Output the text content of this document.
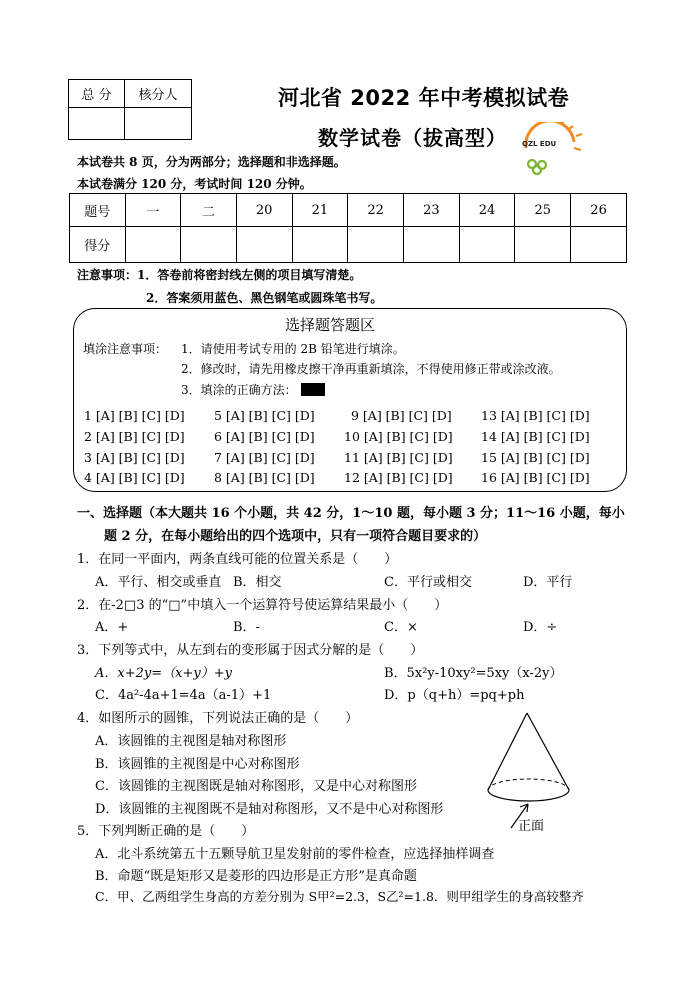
总 分	核分人
		河北省 2022 年中考模拟试卷
数学试卷（拔高型） QZL EDU
本试卷共 8 页，分为两部分；选择题和非选择题。
本试卷满分 120 分，考试时间 120 分钟。
题号	一	二	20	21	22	23	24	25	26
得分									
注意事项：1．答卷前将密封线左侧的项目填写清楚。
2．答案须用蓝色、黑色钢笔或圆珠笔书写。
选择题答题区
填涂注意事项： 1．请使用考试专用的 2B 铅笔进行填涂。
2．修改时，请先用橡皮擦干净再重新填涂，不得使用修正带或涂改液。
3．填涂的正确方法：
1 [A] [B] [C] [D] 5 [A] [B] [C] [D]	9 [A] [B] [C] [D] 13 [A] [B] [C] [D]
2 [A] [B] [C] [D] 6 [A] [B] [C] [D] 10 [A] [B] [C] [D] 14 [A] [B] [C] [D]
3 [A] [B] [C] [D] 7 [A] [B] [C] [D] 11 [A] [B] [C] [D] 15 [A] [B] [C] [D]
4 [A] [B] [C] [D] 8 [A] [B] [C] [D] 12 [A] [B] [C] [D] 16 [A] [B] [C] [D]
一、选择题（本大题共 16 个小题，共 42 分，1～10 题，每小题 3 分；11～16 小题，每小
题 2 分，在每小题给出的四个选项中，只有一项符合题目要求的）
1．在同一平面内，两条直线可能的位置关系是（　　）
A．平行、相交或垂直 B．相交	C．平行或相交	D．平行
2．在-2□3 的“□”中填入一个运算符号使运算结果最小（　　）
A．+	B．-	C．×	D．÷
3．下列等式中，从左到右的变形属于因式分解的是（　　）
A．x+2y=（x+y）+y	B．5x²y-10xy²=5xy（x-2y）
C．4a²-4a+1=4a（a-1）+1	D．p（q+h）=pq+ph
4．如图所示的圆锥，下列说法正确的是（　　）
A．该圆锥的主视图是轴对称图形
B．该圆锥的主视图是中心对称图形
C．该圆锥的主视图既是轴对称图形，又是中心对称图形
D．该圆锥的主视图既不是轴对称图形，又不是中心对称图形
正面
5．下列判断正确的是（　　）
A．北斗系统第五十五颗导航卫星发射前的零件检查，应选择抽样调查
B．命题“既是矩形又是菱形的四边形是正方形”是真命题
C．甲、乙两组学生身高的方差分别为 S甲²=2.3，S乙²=1.8．则甲组学生的身高较整齐
